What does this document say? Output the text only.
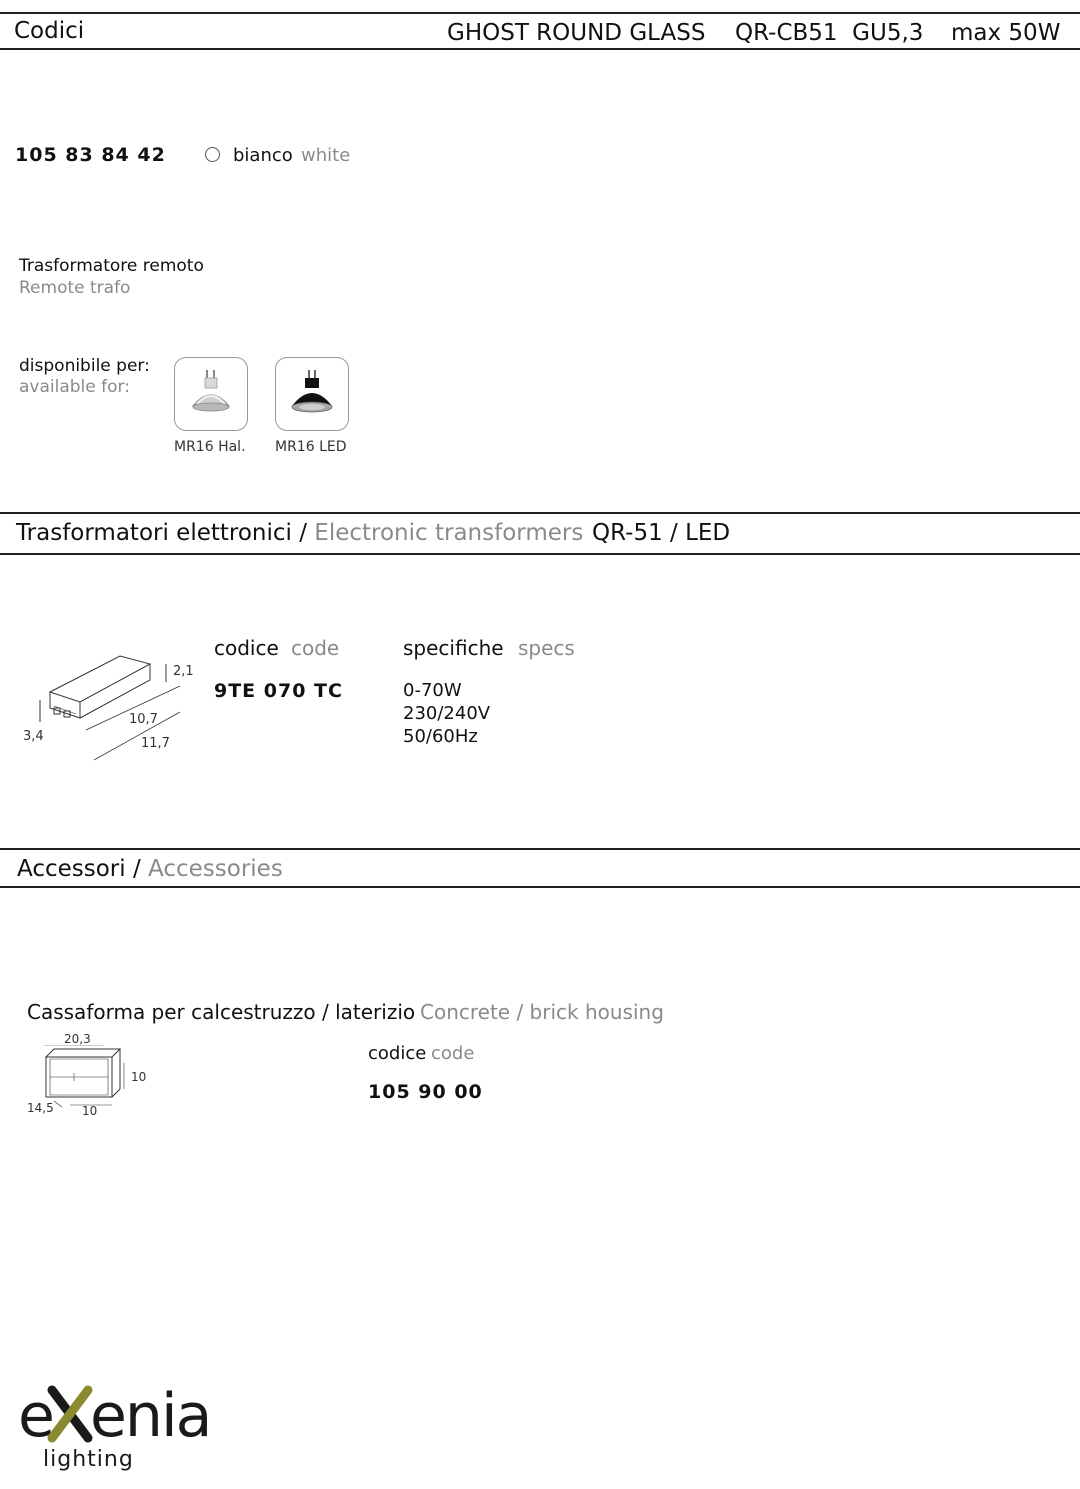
Codici	GHOST ROUND GLASS QR-CB51  GU5,3 max 50W
105 83 84 42	bianco white
Trasformatore remoto
Remote trafo
disponibile per:
available for:
MR16 Hal. MR16 LED
Trasformatori elettronici / Electronic transformers QR-51 / LED
2,1
3,4
10,7
11,7
codice code	specifiche specs
9TE 070 TC	0-70W
230/240V
50/60Hz
Accessori / Accessories
Cassaforma per calcestruzzo / laterizio Concrete / brick housing
20,3
10
14,5 10
codice code
105 90 00
e enia
lighting
